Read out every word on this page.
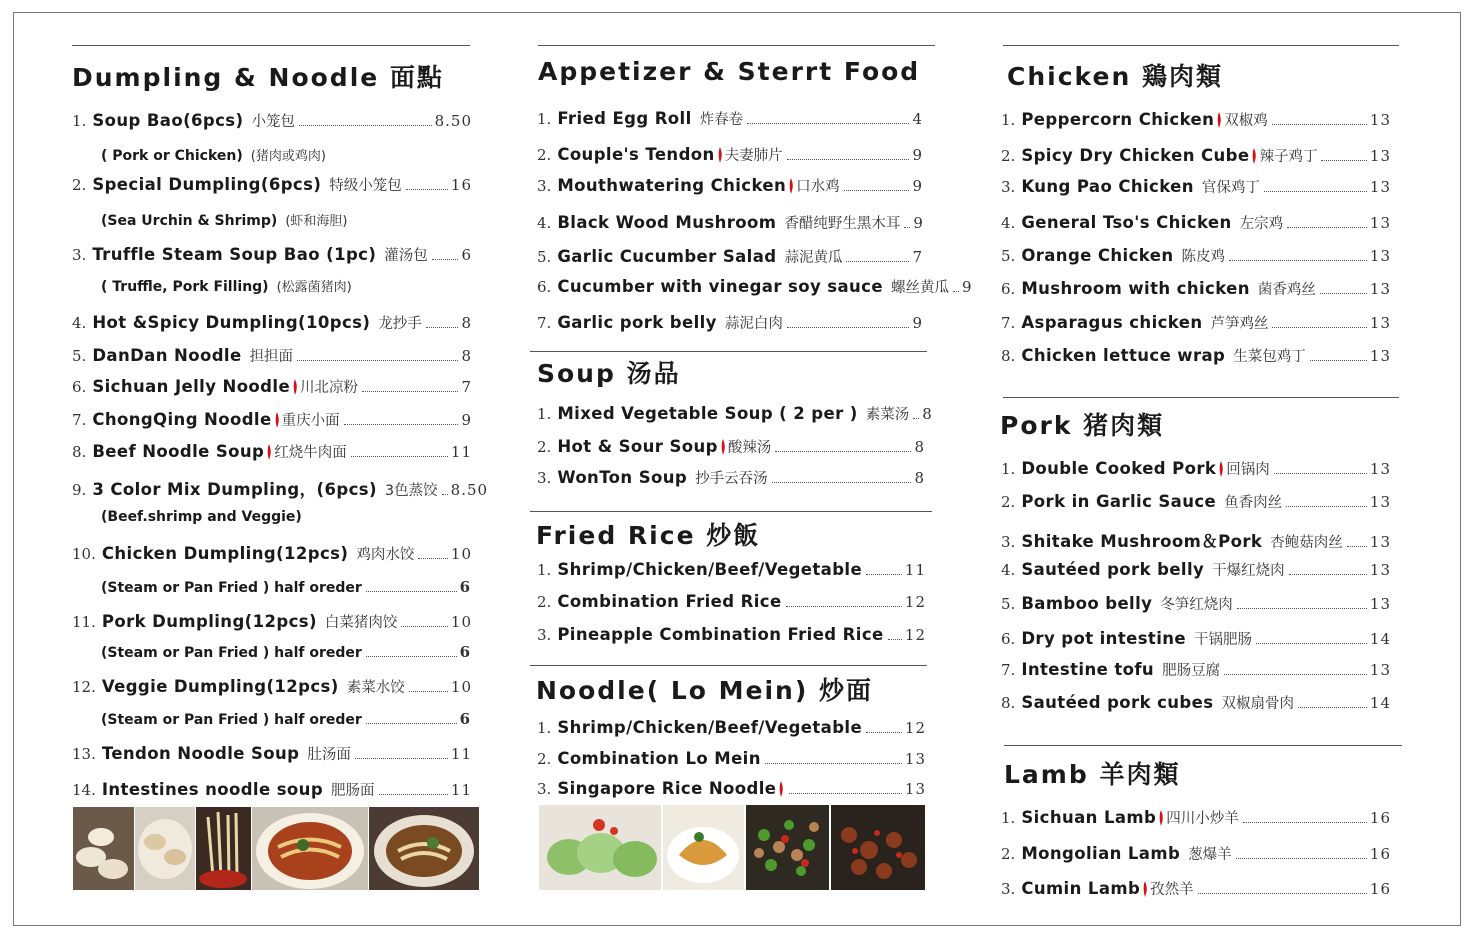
Dumpling & Noodle 面點
1. Soup Bao(6pcs) 小笼包	8.50
( Pork or Chicken) (猪肉或鸡肉)
2. Special Dumpling(6pcs) 特级小笼包	16
(Sea Urchin & Shrimp) (虾和海胆)
3. Truffle Steam Soup Bao (1pc) 灌汤包 6
( Truffle, Pork Filling) (松露菌猪肉)
4. Hot &Spicy Dumpling(10pcs) 龙抄手	8
5. DanDan Noodle 担担面	8
6. Sichuan Jelly Noodle 川北凉粉	7
7. ChongQing Noodle 重庆小面	9
8. Beef Noodle Soup 红烧牛肉面	11
9. 3 Color Mix Dumpling，(6pcs) 3色蒸饺 8.50
(Beef.shrimp and Veggie)
10. Chicken Dumpling(12pcs) 鸡肉水饺 10
(Steam or Pan Fried ) half oreder	6
11. Pork Dumpling(12pcs) 白菜猪肉饺	10
(Steam or Pan Fried ) half oreder	6
12. Veggie Dumpling(12pcs) 素菜水饺	10
(Steam or Pan Fried ) half oreder	6
13. Tendon Noodle Soup 肚汤面	11
14. Intestines noodle soup 肥肠面	11
Appetizer & Sterrt Food
1. Fried Egg Roll 炸春卷	4
2. Couple's Tendon 夫妻肺片	9
3. Mouthwatering Chicken 口水鸡	9
4. Black Wood Mushroom 香醋纯野生黑木耳 9
5. Garlic Cucumber Salad 蒜泥黄瓜	7
6. Cucumber with vinegar soy sauce 螺丝黄瓜 9
7. Garlic pork belly 蒜泥白肉	9
Soup 汤品
1. Mixed Vegetable Soup ( 2 per ) 素菜汤 8
2. Hot & Sour Soup 酸辣汤	8
3. WonTon Soup 抄手云吞汤	8
Fried Rice 炒飯
1. Shrimp/Chicken/Beef/Vegetable	11
2. Combination Fried Rice	12
3. Pineapple Combination Fried Rice 12
Noodle( Lo Mein) 炒面
1. Shrimp/Chicken/Beef/Vegetable	12
2. Combination Lo Mein	13
3. Singapore Rice Noodle	13
Chicken 鶏肉類
1. Peppercorn Chicken 双椒鸡	13
2. Spicy Dry Chicken Cube 辣子鸡丁	13
3. Kung Pao Chicken 官保鸡丁	13
4. General Tso's Chicken 左宗鸡	13
5. Orange Chicken 陈皮鸡	13
6. Mushroom with chicken 菌香鸡丝	13
7. Asparagus chicken 芦笋鸡丝	13
8. Chicken lettuce wrap 生菜包鸡丁	13
Pork 猪肉類
1. Double Cooked Pork 回锅肉	13
2. Pork in Garlic Sauce 鱼香肉丝	13
3. Shitake Mushroom＆Pork 杏鲍菇肉丝 13
4. Sautéed pork belly 干爆红烧肉	13
5. Bamboo belly 冬笋红烧肉	13
6. Dry pot intestine 干锅肥肠	14
7. Intestine tofu 肥肠豆腐	13
8. Sautéed pork cubes 双椒扇骨肉	14
Lamb 羊肉類
1. Sichuan Lamb 四川小炒羊	16
2. Mongolian Lamb 葱爆羊	16
3. Cumin Lamb 孜然羊	16
